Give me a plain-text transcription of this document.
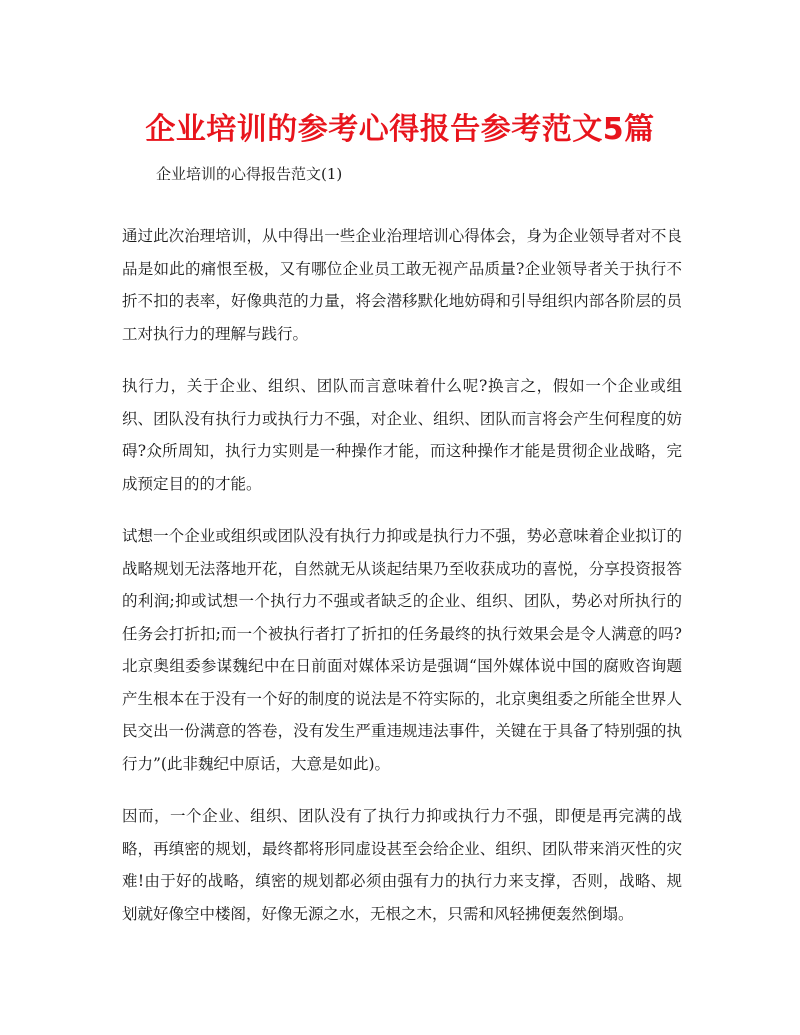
企业培训的参考心得报告参考范文5篇

企业培训的心得报告范文(1)

通过此次治理培训，从中得出一些企业治理培训心得体会，身为企业领导者对不良品是如此的痛恨至极，又有哪位企业员工敢无视产品质量?企业领导者关于执行不折不扣的表率，好像典范的力量，将会潜移默化地妨碍和引导组织内部各阶层的员工对执行力的理解与践行。

执行力，关于企业、组织、团队而言意味着什么呢?换言之，假如一个企业或组织、团队没有执行力或执行力不强，对企业、组织、团队而言将会产生何程度的妨碍?众所周知，执行力实则是一种操作才能，而这种操作才能是贯彻企业战略，完成预定目的的才能。

试想一个企业或组织或团队没有执行力抑或是执行力不强，势必意味着企业拟订的战略规划无法落地开花，自然就无从谈起结果乃至收获成功的喜悦，分享投资报答的利润;抑或试想一个执行力不强或者缺乏的企业、组织、团队，势必对所执行的任务会打折扣;而一个被执行者打了折扣的任务最终的执行效果会是令人满意的吗?北京奥组委参谋魏纪中在日前面对媒体采访是强调“国外媒体说中国的腐败咨询题产生根本在于没有一个好的制度的说法是不符实际的，北京奥组委之所能全世界人民交出一份满意的答卷，没有发生严重违规违法事件，关键在于具备了特别强的执行力”(此非魏纪中原话，大意是如此)。

因而，一个企业、组织、团队没有了执行力抑或执行力不强，即便是再完满的战略，再缜密的规划，最终都将形同虚设甚至会给企业、组织、团队带来消灭性的灾难!由于好的战略，缜密的规划都必须由强有力的执行力来支撑，否则，战略、规划就好像空中楼阁，好像无源之水，无根之木，只需和风轻拂便轰然倒塌。
